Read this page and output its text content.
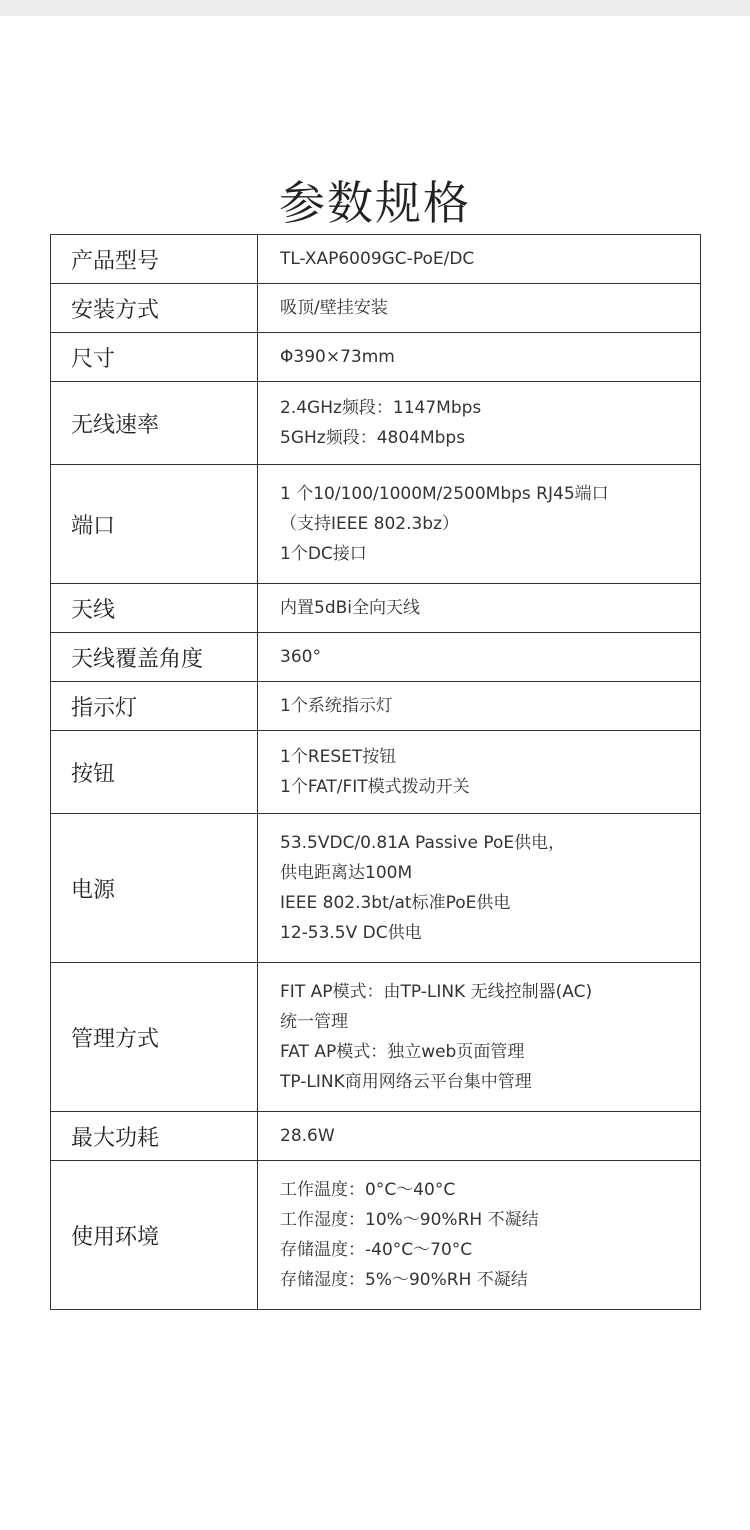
参数规格
产品型号	TL-XAP6009GC-PoE/DC

安装方式	吸顶/壁挂安装

尺寸	Φ390×73mm

无线速率	2.4GHz频段：1147Mbps
5GHz频段：4804Mbps

端口	1 个10/100/1000M/2500Mbps RJ45端口
（支持IEEE 802.3bz）
1个DC接口

天线	内置5dBi全向天线

天线覆盖角度	360°

指示灯	1个系统指示灯

按钮	1个RESET按钮
1个FAT/FIT模式拨动开关

电源	53.5VDC/0.81A Passive PoE供电，
供电距离达100M
IEEE 802.3bt/at标准PoE供电
12-53.5V DC供电

管理方式	FIT AP模式：由TP-LINK 无线控制器(AC)
统一管理
FAT AP模式：独立web页面管理
TP-LINK商用网络云平台集中管理

最大功耗	28.6W

使用环境	工作温度：0°C～40°C
工作湿度：10%～90%RH 不凝结
存储温度：-40°C～70°C
存储湿度：5%～90%RH 不凝结
